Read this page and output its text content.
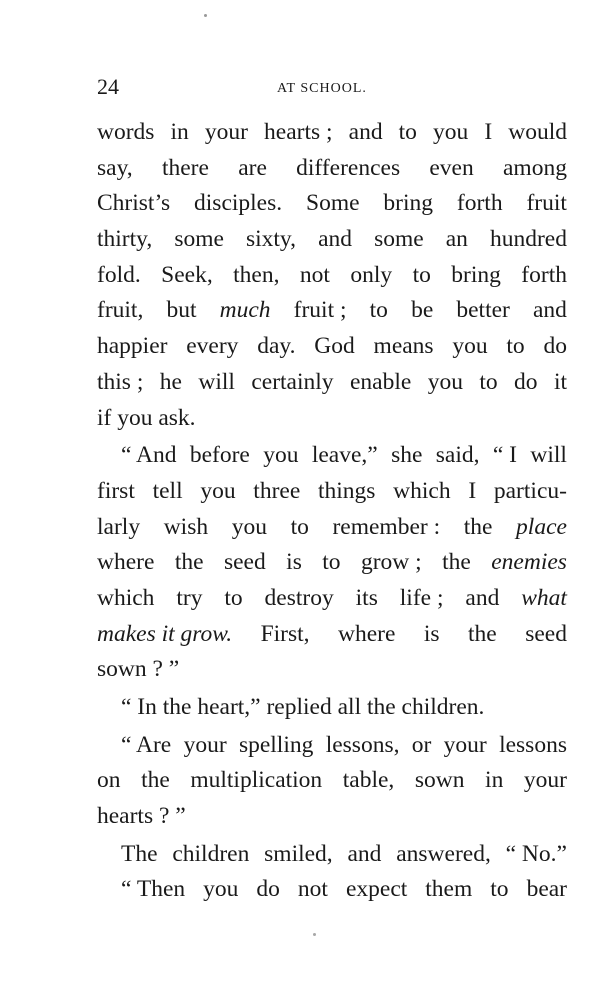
24	AT SCHOOL.
words in your hearts ; and to you I would
say, there are differences even among
Christ’s disciples. Some bring forth fruit
thirty, some sixty, and some an hundred
fold. Seek, then, not only to bring forth
fruit, but much fruit ; to be better and
happier every day. God means you to do
this ; he will certainly enable you to do it
if you ask.
“ And before you leave,” she said, “ I will
first tell you three things which I particu-
larly wish you to remember : the place
where the seed is to grow ; the enemies
which try to destroy its life ; and what
makes it grow. First, where is the seed
sown ? ”
“ In the heart,” replied all the children.
“ Are your spelling lessons, or your lessons
on the multiplication table, sown in your
hearts ? ”
The children smiled, and answered, “ No.”
“ Then you do not expect them to bear
